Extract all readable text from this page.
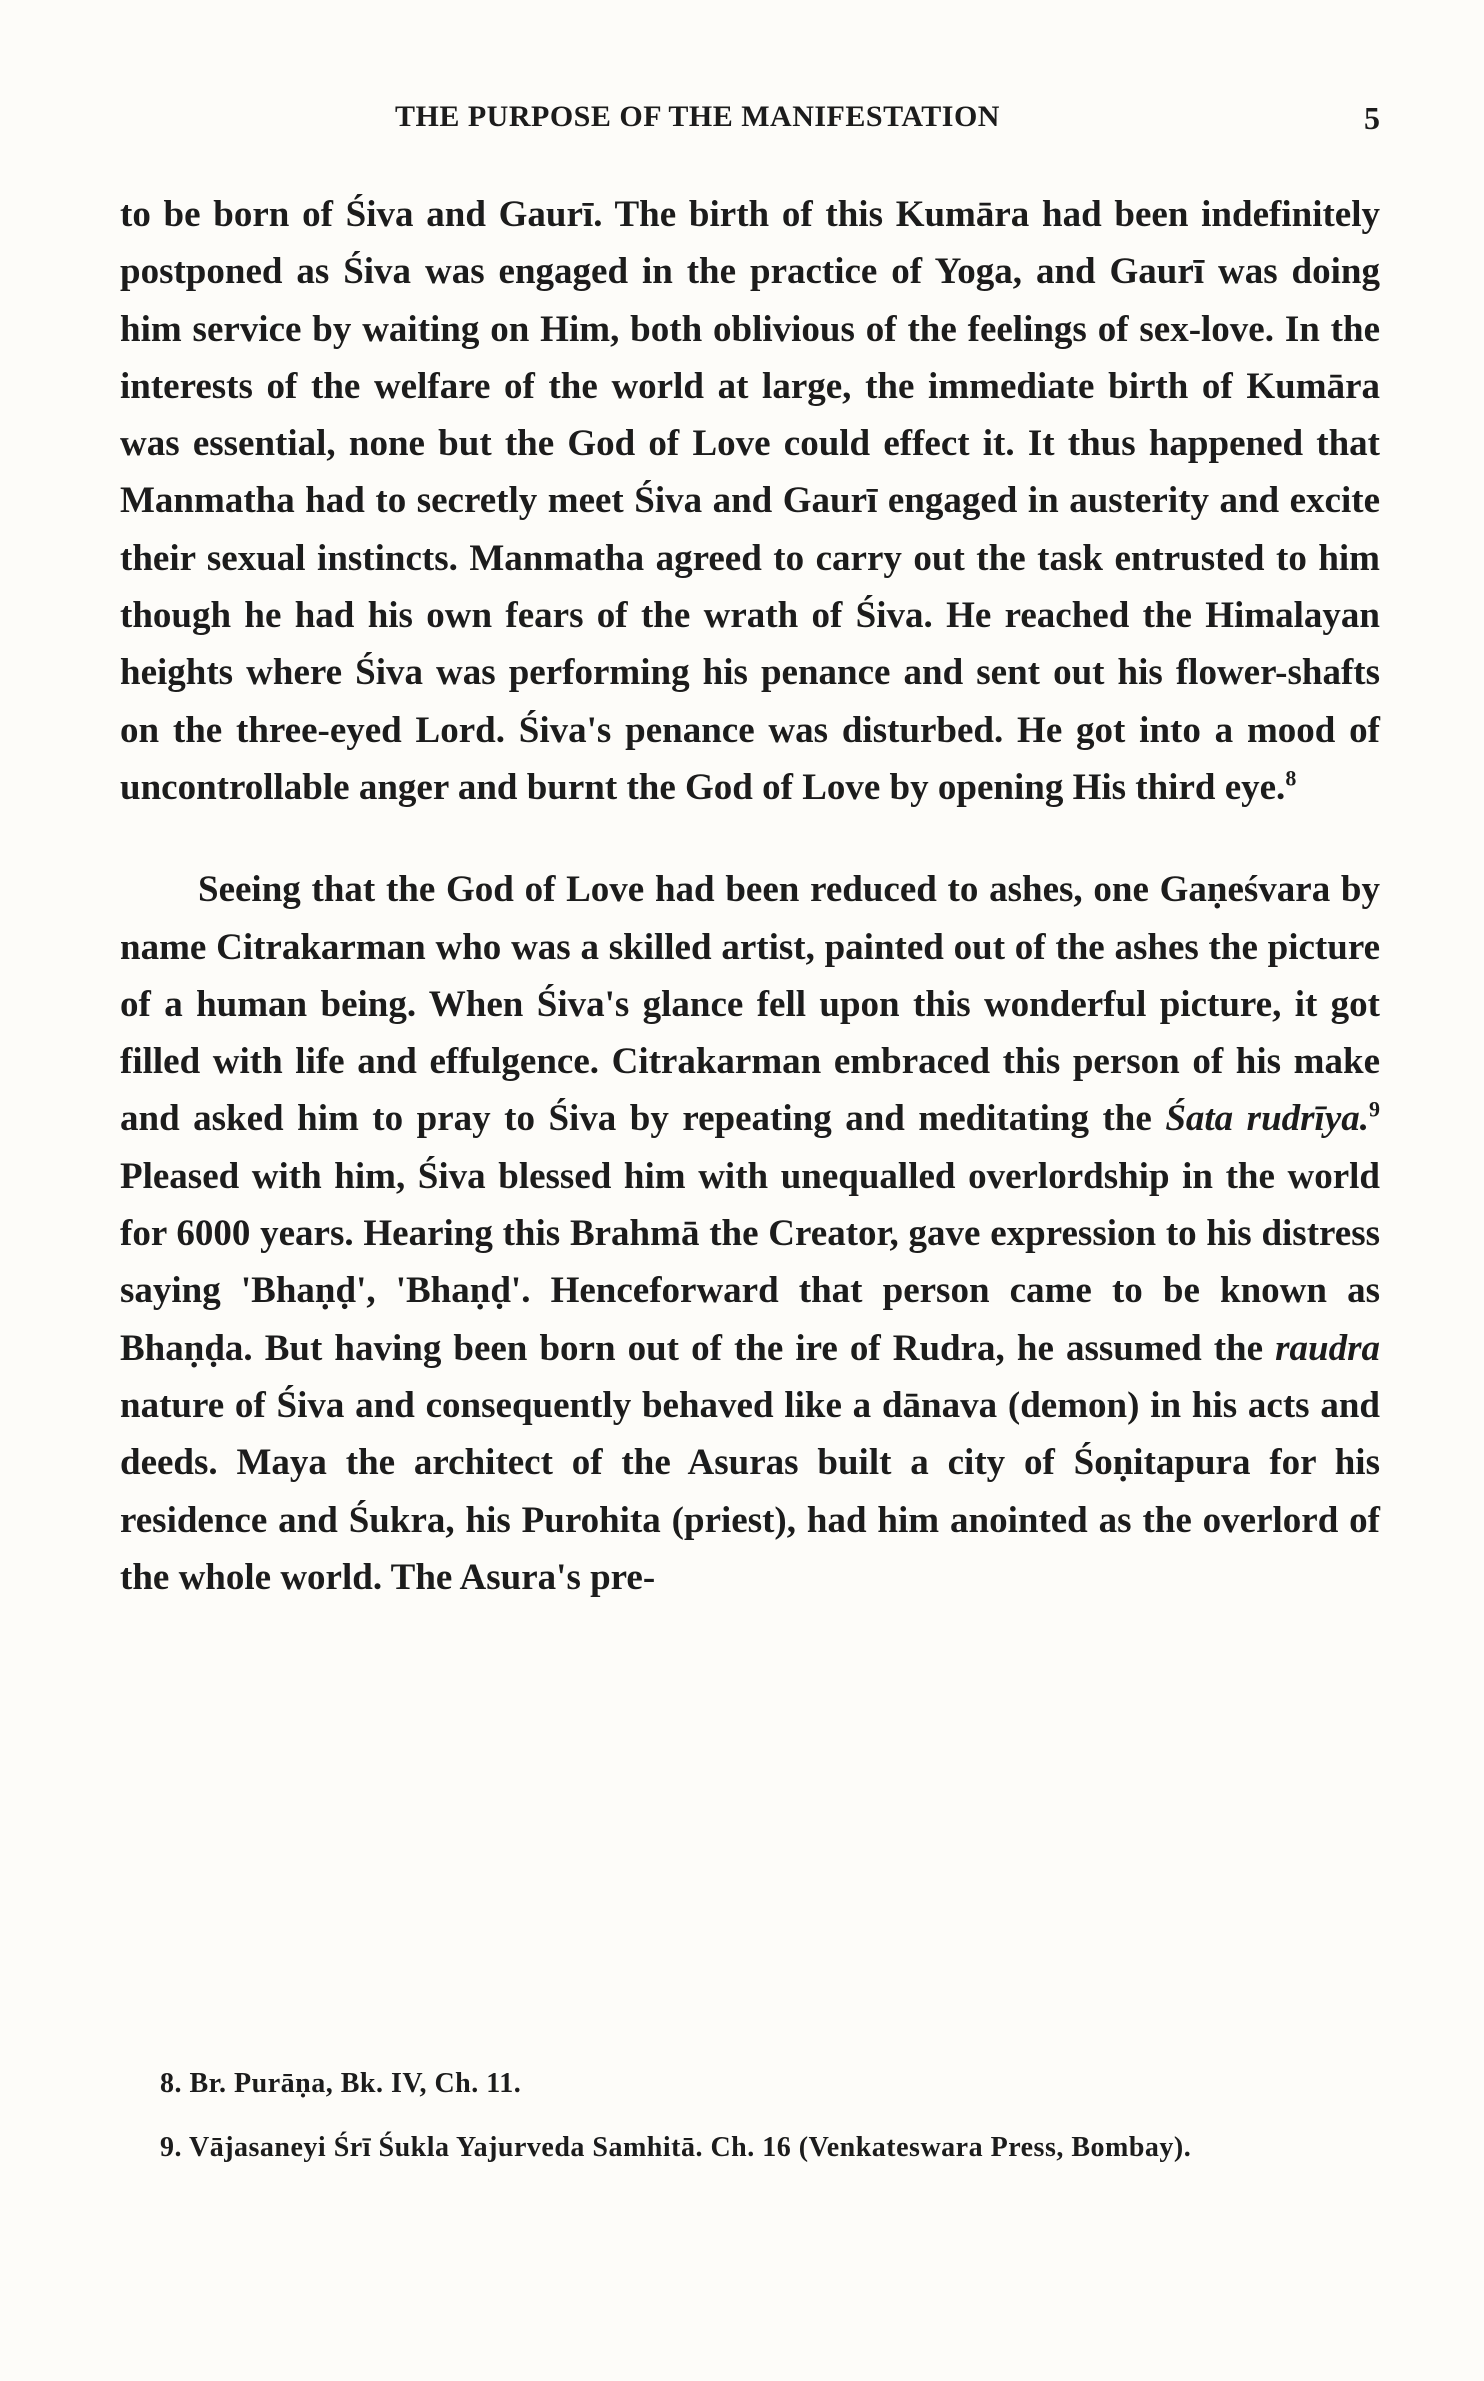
THE PURPOSE OF THE MANIFESTATION	5

to be born of Śiva and Gaurī. The birth of this Kumāra had been indefinitely postponed as Śiva was engaged in the practice of Yoga, and Gaurī was doing him service by waiting on Him, both oblivious of the feelings of sex-love. In the interests of the welfare of the world at large, the immediate birth of Kumāra was essential, none but the God of Love could effect it. It thus happened that Manmatha had to secretly meet Śiva and Gaurī engaged in austerity and excite their sexual instincts. Manmatha agreed to carry out the task entrusted to him though he had his own fears of the wrath of Śiva. He reached the Himalayan heights where Śiva was performing his penance and sent out his flower-shafts on the three-eyed Lord. Śiva's penance was disturbed. He got into a mood of uncontrollable anger and burnt the God of Love by opening His third eye.$^8$

Seeing that the God of Love had been reduced to ashes, one Gaṇeśvara by name Citrakarman who was a skilled artist, painted out of the ashes the picture of a human being. When Śiva's glance fell upon this wonderful picture, it got filled with life and effulgence. Citrakarman embraced this person of his make and asked him to pray to Śiva by repeating and meditating the Śata rudrīya.$^9$ Pleased with him, Śiva blessed him with unequalled overlordship in the world for 6000 years. Hearing this Brahmā the Creator, gave expression to his distress saying 'Bhaṇḍ', 'Bhaṇḍ'. Henceforward that person came to be known as Bhaṇḍa. But having been born out of the ire of Rudra, he assumed the raudra nature of Śiva and consequently behaved like a dānava (demon) in his acts and deeds. Maya the architect of the Asuras built a city of Śoṇitapura for his residence and Śukra, his Purohita (priest), had him anointed as the overlord of the whole world. The Asura's pre-

8. Br. Purāṇa, Bk. IV, Ch. 11.

9. Vājasaneyi Śrī Śukla Yajurveda Samhitā. Ch. 16 (Venkateswara Press, Bombay).
